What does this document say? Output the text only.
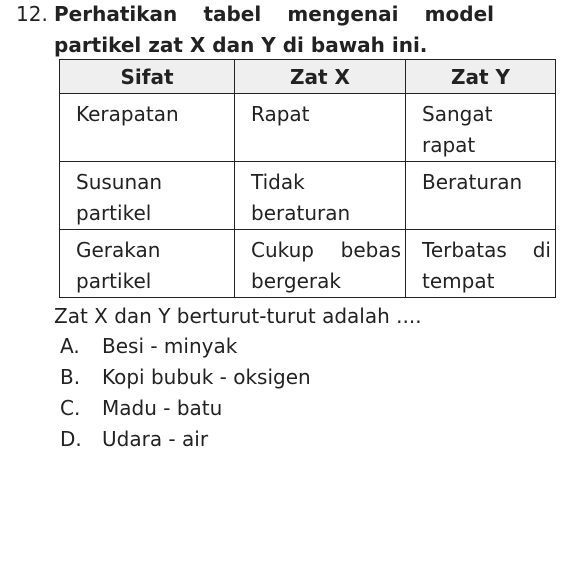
12. Perhatikan tabel mengenai model
partikel zat X dan Y di bawah ini.
Sifat	Zat X	Zat Y
Kerapatan	Rapat	Sangat rapat
Susunan partikel	Tidak beraturan	Beraturan
Gerakan partikel	Cukup bebas bergerak	Terbatas di tempat
Zat X dan Y berturut-turut adalah ....
A.	Besi - minyak
B.	Kopi bubuk - oksigen
C.	Madu - batu
D.	Udara - air
